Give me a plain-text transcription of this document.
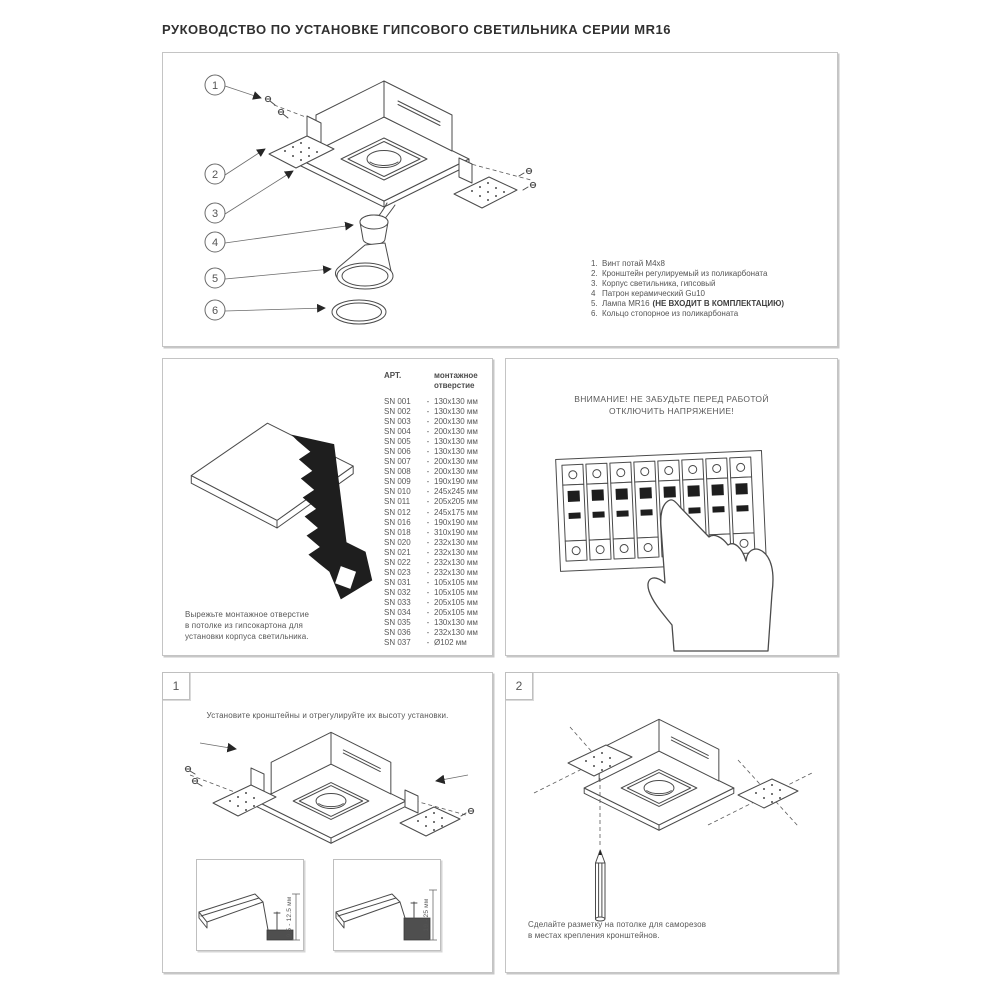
РУКОВОДСТВО ПО УСТАНОВКЕ ГИПСОВОГО СВЕТИЛЬНИКА СЕРИИ MR16
1
2
3
4
5
6
1. Винт потай M4x8
2. Кронштейн регулируемый из поликарбоната
3. Корпус светильника, гипсовый
4 Патрон керамический Gu10
5. Лампа MR16 (НЕ ВХОДИТ В КОМПЛЕКТАЦИЮ)
6. Кольцо стопорное из поликарбоната
АРТ.	монтажное
отверстие
SN 001	- 130x130 мм
SN 002	- 130x130 мм
SN 003	- 200x130 мм
SN 004	- 200x130 мм
SN 005	- 130x130 мм
SN 006	- 130x130 мм
SN 007	- 200x130 мм
SN 008	- 200x130 мм
SN 009	- 190x190 мм
SN 010	- 245x245 мм
SN 011	- 205x205 мм
SN 012	- 245x175 мм
SN 016	- 190x190 мм
SN 018	- 310x190 мм
SN 020	- 232x130 мм
SN 021	- 232x130 мм
SN 022	- 232x130 мм
SN 023	- 232x130 мм
SN 031	- 105x105 мм
SN 032	- 105x105 мм
SN 033	- 205x105 мм
SN 034	- 205x105 мм
SN 035	- 130x130 мм
SN 036	- 232x130 мм
SN 037	- Ø102 мм
Вырежьте монтажное отверстие
в потолке из гипсокартона для
установки корпуса светильника.
ВНИМАНИЕ! НЕ ЗАБУДЬТЕ ПЕРЕД РАБОТОЙ
ОТКЛЮЧИТЬ НАПРЯЖЕНИЕ!
1
Установите кронштейны и отрегулируйте их высоту установки.
9.5 - 12.5 мм	19 - 25 мм
2
Сделайте разметку на потолке для саморезов
в местах крепления кронштейнов.
